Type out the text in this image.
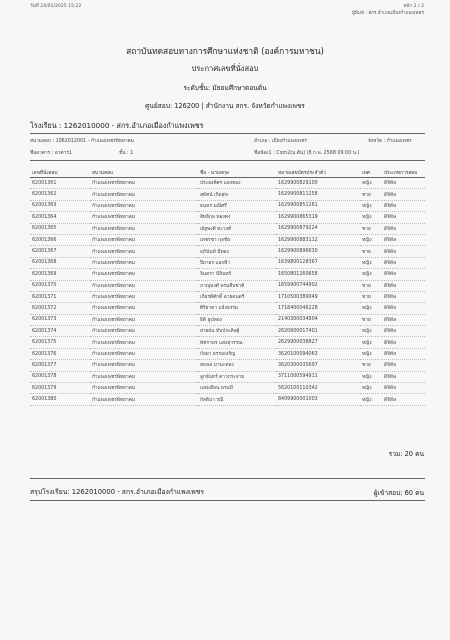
วันที่ 24/01/2025 15:22	หน้า 2 / 2
ผู้พิมพ์ : สกร.อำเภอเมืองกำแพงเพชร
สถาบันทดสอบทางการศึกษาแห่งชาติ (องค์การมหาชน)
ประกาศเลขที่นั่งสอบ
ระดับชั้น: มัธยมศึกษาตอนต้น
ศูนย์สอบ: 126200 | สำนักงาน สกร. จังหวัดกำแพงเพชร
โรงเรียน : 1262010000 - สกร.อำเภอเมืองกำแพงเพชร
สนามสอบ : 1062012001 - กำแพงเพชรพิทยาคม	อำเภอ : เมืองกำแพงเพชร	จังหวัด : กำแพงเพชร
ชื่ออาคาร : อาคาร1	ชั้น : 1	ชื่อห้อง1 : Com2(ม.ต้น) (8 ก.พ. 2568 09:00 น.)
เลขที่นั่งสอบ	สนามสอบ	ชื่อ - นามสกุล	หมายเลขบัตรประจำตัว	เพศ	ประเภทการสอบ
62001361	กำแพงเพชรพิทยาคม	ประยงค์ศร แสงทอง	1629900829100	หญิง	ดิจิทัล
62001362	กำแพงเพชรพิทยาคม	สุทัศน์ เกิดสุข	1629900811258	ชาย	ดิจิทัล
62001363	กำแพงเพชรพิทยาคม	ธนพร มณีศรี	1629900851261	หญิง	ดิจิทัล
62001364	กำแพงเพชรพิทยาคม	สิทธิกุล ทองคง	1629900865319	หญิง	ดิจิทัล
62001365	กำแพงเพชรพิทยาคม	ณัฐพงศ์ ทะวงศ์	1629900879224	ชาย	ดิจิทัล
62001366	กำแพงเพชรพิทยาคม	เพชรชา กุลชัย	1629900883112	หญิง	ดิจิทัล
62001367	กำแพงเพชรพิทยาคม	อภินันท์ มีทอง	1629900896630	ชาย	ดิจิทัล
62001368	กำแพงเพชรพิทยาคม	ปิยาอร แสงฟ้า	1639800128367	หญิง	ดิจิทัล
62001369	กำแพงเพชรพิทยาคม	จินดรา มีสินทร์	1650801260658	หญิง	ดิจิทัล
62001370	กำแพงเพชรพิทยาคม	ภาณุพงศ์ พรมสืบชาติ	1659900744902	ชาย	ดิจิทัล
62001371	กำแพงเพชรพิทยาคม	เกียรติศักดิ์ ฉายดนตรี	1710500389049	ชาย	ดิจิทัล
62001372	กำแพงเพชรพิทยาคม	ศิริธาดา แจ้งธรรม	1718400046228	หญิง	ดิจิทัล
62001373	กำแพงเพชรพิทยาคม	ธิติ ธูปทอง	2140300034804	ชาย	ดิจิทัล
62001374	กำแพงเพชรพิทยาคม	สายฝน ทับประดิษฐ์	2620600017401	หญิง	ดิจิทัล
62001375	กำแพงเพชรพิทยาคม	พัชราพร แสงสุวรรณ	2629900038827	หญิง	ดิจิทัล
62001376	กำแพงเพชรพิทยาคม	กัลยา ธรรมเจริญ	3620100094063	หญิง	ดิจิทัล
62001377	กำแพงเพชรพิทยาคม	สมพล มามะทอง	3620300035697	ชาย	ดิจิทัล
62001378	กำแพงเพชรพิทยาคม	ลูกจันทร์ ดาวกระจาย	3711000594911	หญิง	ดิจิทัล
62001379	กำแพงเพชรพิทยาคม	แสงเดือน พรมมี	5620100110342	หญิง	ดิจิทัล
62001380	กำแพงเพชรพิทยาคม	กัลติมา รณี	8409900001003	หญิง	ดิจิทัล
รวม: 20 คน
สรุปโรงเรียน: 1262010000 - สกร.อำเภอเมืองกำแพงเพชร	ผู้เข้าสอบ: 60 คน
